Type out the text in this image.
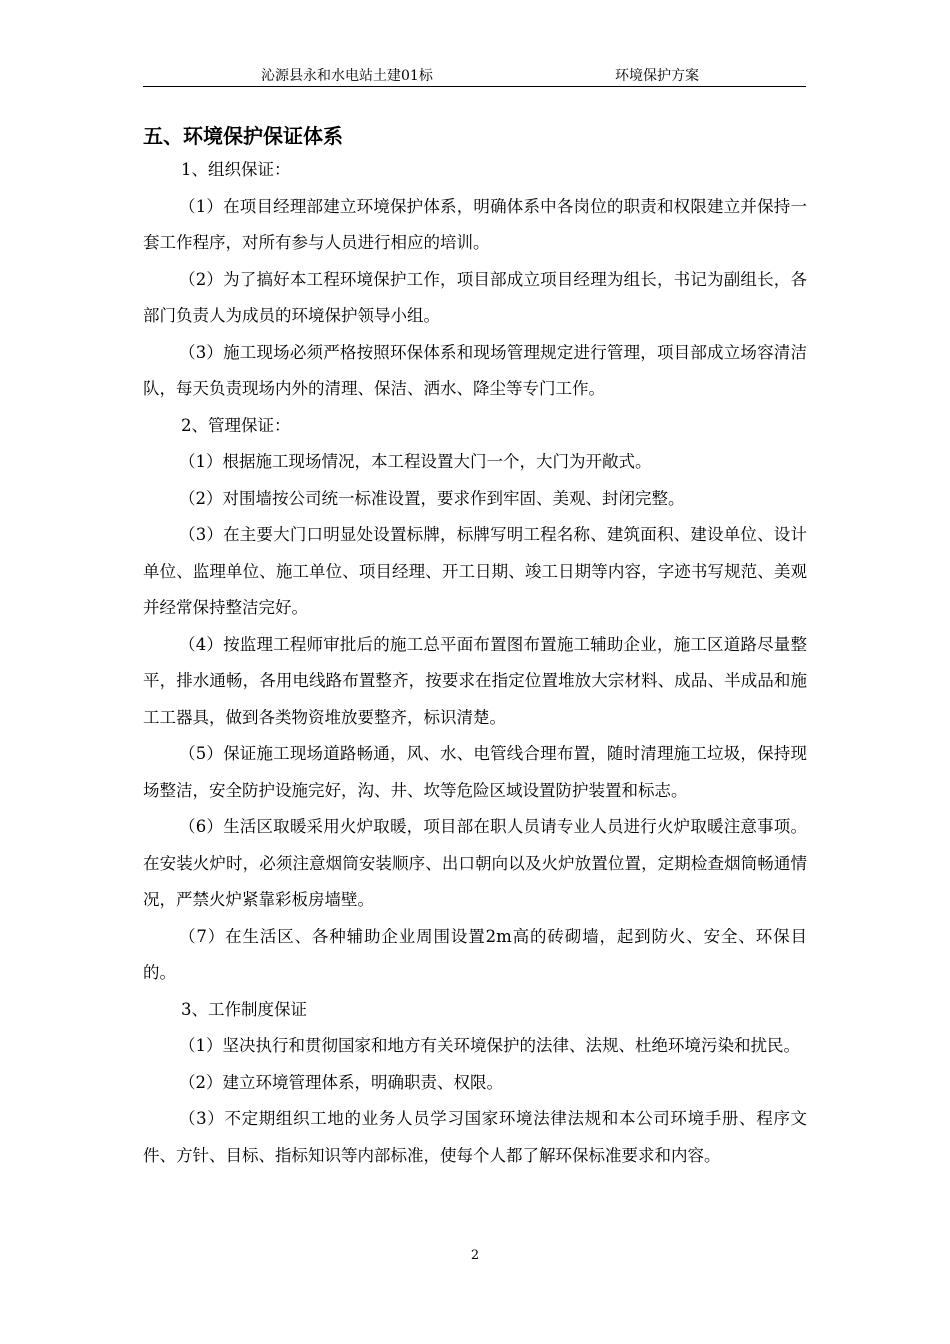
沁源县永和水电站土建01标	环境保护方案
五、环境保护保证体系

1、组织保证：

（1）在项目经理部建立环境保护体系，明确体系中各岗位的职责和权限建立并保持一套工作程序，对所有参与人员进行相应的培训。

（2）为了搞好本工程环境保护工作，项目部成立项目经理为组长，书记为副组长，各部门负责人为成员的环境保护领导小组。

（3）施工现场必须严格按照环保体系和现场管理规定进行管理，项目部成立场容清洁队，每天负责现场内外的清理、保洁、洒水、降尘等专门工作。

2、管理保证：

（1）根据施工现场情况，本工程设置大门一个，大门为开敞式。

（2）对围墙按公司统一标准设置，要求作到牢固、美观、封闭完整。

（3）在主要大门口明显处设置标牌，标牌写明工程名称、建筑面积、建设单位、设计单位、监理单位、施工单位、项目经理、开工日期、竣工日期等内容，字迹书写规范、美观并经常保持整洁完好。

（4）按监理工程师审批后的施工总平面布置图布置施工辅助企业，施工区道路尽量整平，排水通畅，各用电线路布置整齐，按要求在指定位置堆放大宗材料、成品、半成品和施工工器具，做到各类物资堆放要整齐，标识清楚。

（5）保证施工现场道路畅通，风、水、电管线合理布置，随时清理施工垃圾，保持现场整洁，安全防护设施完好，沟、井、坎等危险区域设置防护装置和标志。

（6）生活区取暖采用火炉取暖，项目部在职人员请专业人员进行火炉取暖注意事项。在安装火炉时，必须注意烟筒安装顺序、出口朝向以及火炉放置位置，定期检查烟筒畅通情况，严禁火炉紧靠彩板房墙壁。

（7）在生活区、各种辅助企业周围设置2m高的砖砌墙，起到防火、安全、环保目的。

3、工作制度保证

（1）坚决执行和贯彻国家和地方有关环境保护的法律、法规、杜绝环境污染和扰民。

（2）建立环境管理体系，明确职责、权限。

（3）不定期组织工地的业务人员学习国家环境法律法规和本公司环境手册、程序文件、方针、目标、指标知识等内部标准，使每个人都了解环保标准要求和内容。

2
